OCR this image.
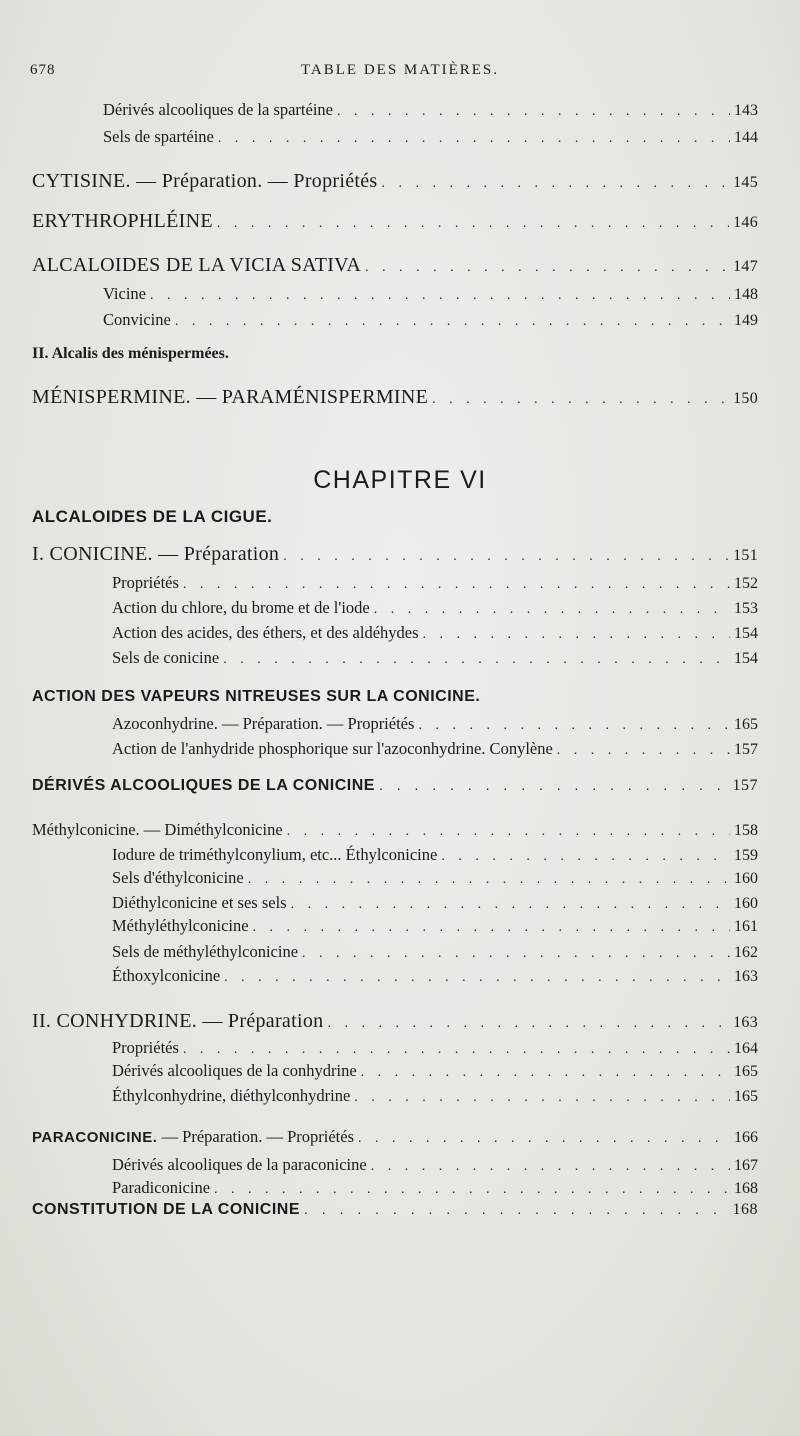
678	TABLE DES MATIÈRES.
Dérivés alcooliques de la spartéine . . .	143
Sels de spartéine . . .	144
CYTISINE. — Préparation. — Propriétés . . .	145
ERYTHROPHLÉINE . . .	146
ALCALOIDES DE LA VICIA SATIVA . . .	147
Vicine . . .	148
Convicine . . .	149
II. Alcalis des ménispermées.
MÉNISPERMINE. — PARAMÉNISPERMINE . . .	150
CHAPITRE VI
ALCALOIDES DE LA CIGUE.
I. CONICINE. — Préparation . . .	151
Propriétés . . .	152
Action du chlore, du brome et de l'iode . . .	153
Action des acides, des éthers, et des aldéhydes . . .	154
Sels de conicine . . .	154
ACTION DES VAPEURS NITREUSES SUR LA CONICINE.
Azoconhydrine. — Préparation. — Propriétés . . .	165
Action de l'anhydride phosphorique sur l'azoconhydrine. Conylène . . .	157
DÉRIVÉS ALCOOLIQUES DE LA CONICINE . . .	157
Méthylconicine. — Diméthylconicine . . .	158
Iodure de triméthylconylium, etc... Éthylconicine . . .	159
Sels d'éthylconicine . . .	160
Diéthylconicine et ses sels . . .	160
Méthyléthylconicine . . .	161
Sels de méthyléthylconicine . . .	162
Éthoxylconicine . . .	163
II. CONHYDRINE. — Préparation . . .	163
Propriétés . . .	164
Dérivés alcooliques de la conhydrine . . .	165
Éthylconhydrine, diéthylconhydrine . . .	165
PARACONICINE. — Préparation. — Propriétés . . .	166
Dérivés alcooliques de la paraconicine . . .	167
Paradiconicine . . .	168
CONSTITUTION DE LA CONICINE . . .	168
